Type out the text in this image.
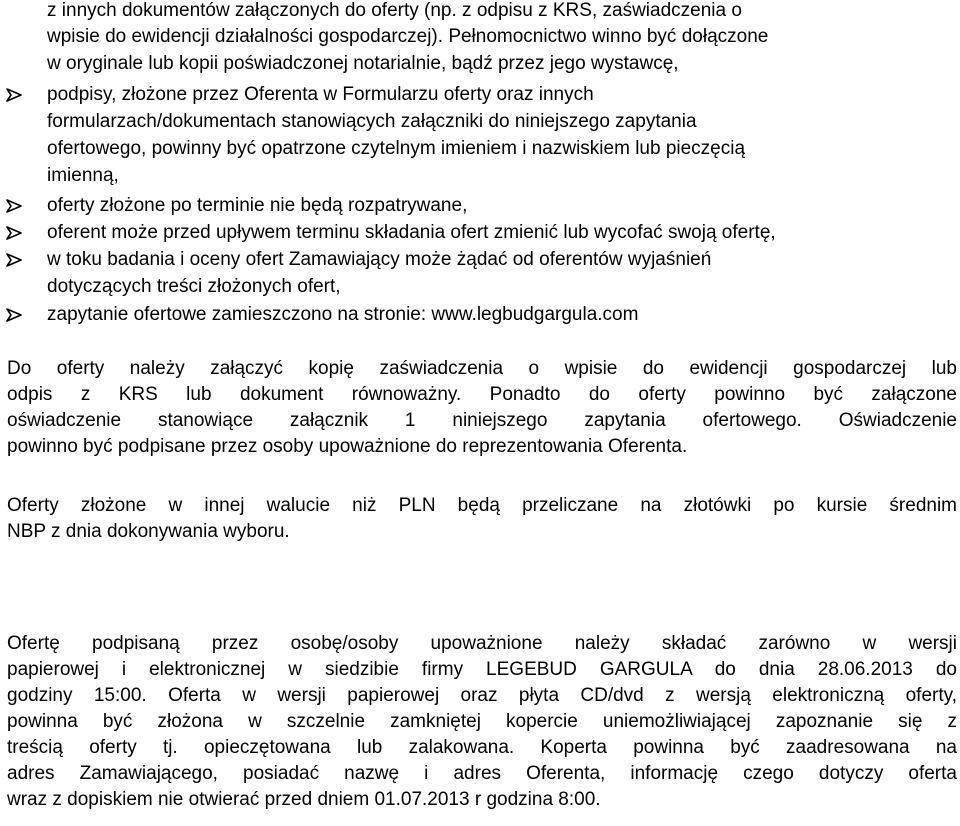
z innych dokumentów załączonych do oferty (np. z odpisu z KRS, zaświadczenia o
wpisie do ewidencji działalności gospodarczej). Pełnomocnictwo winno być dołączone
w oryginale lub kopii poświadczonej notarialnie, bądź przez jego wystawcę,
podpisy, złożone przez Oferenta w Formularzu oferty oraz innych
formularzach/dokumentach stanowiących załączniki do niniejszego zapytania
ofertowego, powinny być opatrzone czytelnym imieniem i nazwiskiem lub pieczęcią
imienną,
oferty złożone po terminie nie będą rozpatrywane,
oferent może przed upływem terminu składania ofert zmienić lub wycofać swoją ofertę,
w toku badania i oceny ofert Zamawiający może żądać od oferentów wyjaśnień
dotyczących treści złożonych ofert,
zapytanie ofertowe zamieszczono na stronie: www.legbudgargula.com
Do oferty należy załączyć kopię zaświadczenia o wpisie do ewidencji gospodarczej lub
odpis z KRS lub dokument równoważny. Ponadto do oferty powinno być załączone
oświadczenie stanowiące załącznik 1 niniejszego zapytania ofertowego. Oświadczenie
powinno być podpisane przez osoby upoważnione do reprezentowania Oferenta.
Oferty złożone w innej walucie niż PLN będą przeliczane na złotówki po kursie średnim
NBP z dnia dokonywania wyboru.
Ofertę podpisaną przez osobę/osoby upoważnione należy składać zarówno w wersji
papierowej i elektronicznej w siedzibie firmy LEGEBUD GARGULA do dnia 28.06.2013 do
godziny 15:00. Oferta w wersji papierowej oraz płyta CD/dvd z wersją elektroniczną oferty,
powinna być złożona w szczelnie zamkniętej kopercie uniemożliwiającej zapoznanie się z
treścią oferty tj. opieczętowana lub zalakowana. Koperta powinna być zaadresowana na
adres Zamawiającego, posiadać nazwę i adres Oferenta, informację czego dotyczy oferta
wraz z dopiskiem nie otwierać przed dniem 01.07.2013 r godzina 8:00.
